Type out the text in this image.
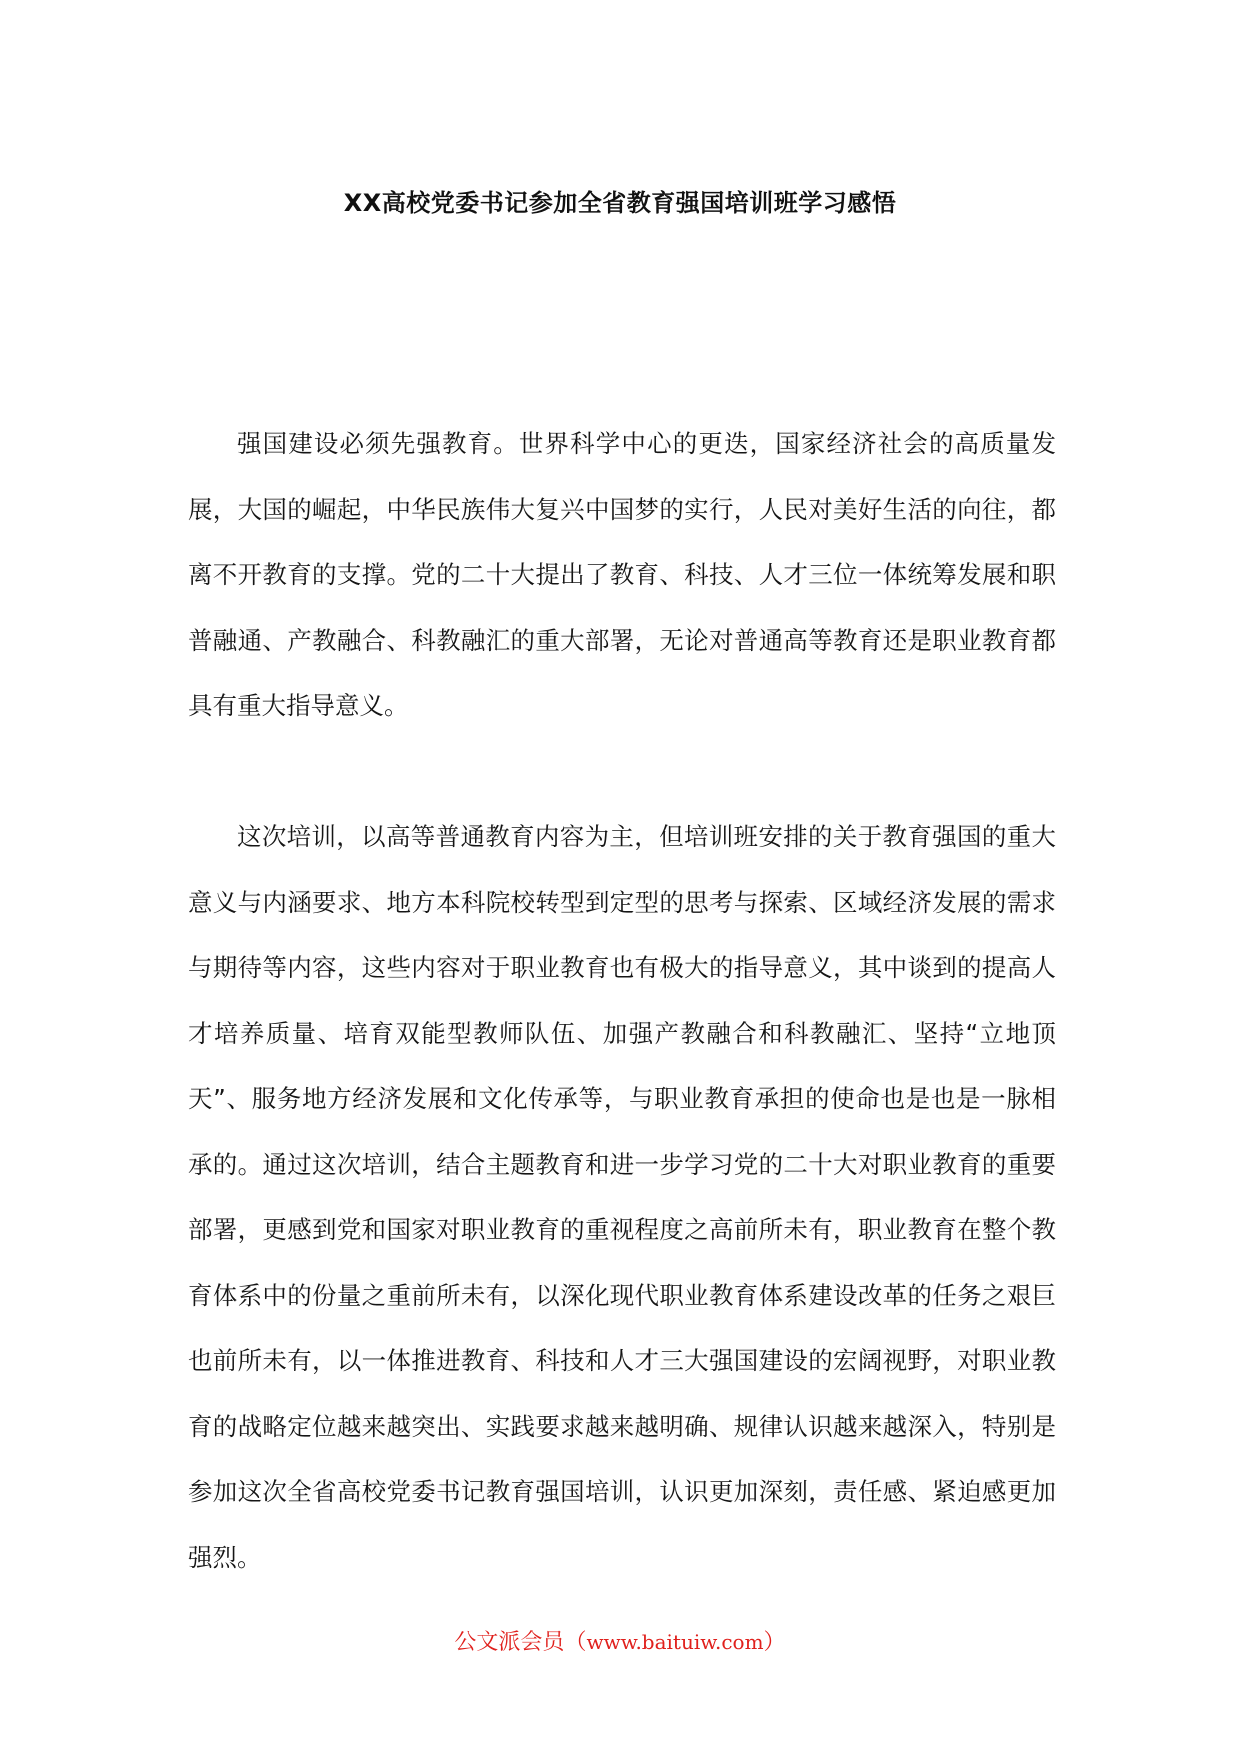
XX高校党委书记参加全省教育强国培训班学习感悟

强国建设必须先强教育。世界科学中心的更迭，国家经济社会的高质量发展，大国的崛起，中华民族伟大复兴中国梦的实行，人民对美好生活的向往，都离不开教育的支撑。党的二十大提出了教育、科技、人才三位一体统筹发展和职普融通、产教融合、科教融汇的重大部署，无论对普通高等教育还是职业教育都具有重大指导意义。

这次培训，以高等普通教育内容为主，但培训班安排的关于教育强国的重大意义与内涵要求、地方本科院校转型到定型的思考与探索、区域经济发展的需求与期待等内容，这些内容对于职业教育也有极大的指导意义，其中谈到的提高人才培养质量、培育双能型教师队伍、加强产教融合和科教融汇、坚持“立地顶天”、服务地方经济发展和文化传承等，与职业教育承担的使命也是也是一脉相承的。通过这次培训，结合主题教育和进一步学习党的二十大对职业教育的重要部署，更感到党和国家对职业教育的重视程度之高前所未有，职业教育在整个教育体系中的份量之重前所未有，以深化现代职业教育体系建设改革的任务之艰巨也前所未有，以一体推进教育、科技和人才三大强国建设的宏阔视野，对职业教育的战略定位越来越突出、实践要求越来越明确、规律认识越来越深入，特别是参加这次全省高校党委书记教育强国培训，认识更加深刻，责任感、紧迫感更加强烈。

公文派会员（www.baituiw.com）
